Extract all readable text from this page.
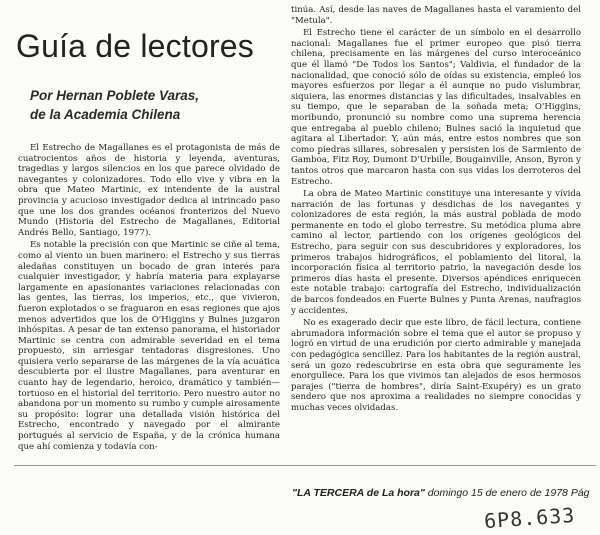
Guía de lectores
Por Hernan Poblete Varas,
de la Academia Chilena

El Estrecho de Magallanes es el protagonista de más de cuatrocientos años de historia y leyenda, aventuras, tragedias y largos silencios en los que parece olvidado de navegantes y colonizadores. Todo ello vive y vibra en la obra que Mateo Martinic, ex intendente de la austral provincia y acucioso investigador dedica al intrincado paso que une los dos grandes océanos fronterizos del Nuevo Mundo (Historia del Estrecho de Magallanes, Editorial Andrés Bello, Santiago, 1977).

Es notable la precisión con que Martinic se ciñe al tema, como al viento un buen marinero: el Estrecho y sus tierras aledañas constituyen un bocado de gran interés para cualquier investigador, y habría materia para explayarse largamente en apasionantes variaciones relacionadas con las gentes, las tierras, los imperios, etc., que vivieron, fueron explotados o se fraguaron en esas regiones que ajos menos advertidos que los de O'Higgins y Bulnes juzgaron inhóspitas. A pesar de tan extenso panorama, el historiador Martinic se centra con admirable severidad en el tema propuesto, sin arriesgar tentadoras disgresiones. Uno quisiera verlo separarse de las márgenes de la vía acuática descubierta por el ilustre Magallanes, para aventurar en cuanto hay de legendario, heroico, dramático y también— tortuoso en el historial del territorio. Pero nuestro autor no abandona por un momento su rumbo y cumple airosamente su propósito: lograr una detallada visión histórica del Estrecho, encontrado y navegado por el almirante portugués al servicio de España, y de la crónica humana que ahí comienza y todavía con-

tinúa. Así, desde las naves de Magallanes hasta el varamiento del "Metula".

El Estrecho tiene el carácter de un símbolo en el desarrollo nacional: Magallanes fue el primer europeo que pisó tierra chilena, precisamente en las márgenes del curso interoceánico que él llamó "De Todos los Santos"; Valdivia, el fundador de la nacionalidad, que conoció sólo de oídas su existencia, empleó los mayores esfuerzos por llegar a él aunque no pudo vislumbrar, siquiera, las enormes distancias y las dificultades, insalvables en su tiempo, que le separaban de la soñada meta; O'Higgins, moribundo, pronunció su nombre como una suprema herencia que entregaba al pueblo chileno; Bulnes sació la inquietud que agitara al Libertador. Y, aún más, entre estos nombres que son como piedras sillares, sobresalen y persisten los de Sarmiento de Gamboa, Fitz Roy, Dumont D'Urbille, Bougainville, Anson, Byron y tantos otros que marcaron hasta con sus vidas los derroteros del Estrecho.

La obra de Mateo Martinic constituye una interesante y vívida narración de las fortunas y desdichas de los navegantes y colonizadores de esta región, la más austral poblada de modo permanente en todo el globo terrestre. Su metódica pluma abre camino al lector, partiendo con los orígenes geológicos del Estrecho, para seguir con sus descubridores y exploradores, los primeros trabajos hidrográficos, el poblamiento del litoral, la incorporación física al territorio patrio, la navegación desde los primeros días hasta el presente. Diversos apéndices enriquecen este notable trabajo: cartografía del Estrecho, individualización de barcos fondeados en Fuerte Bulnes y Punta Arenas, naufragios y accidentes.

No es exagerado decir que este libro, de fácil lectura, contiene abrumadora información sobre el tema que el autor se propuso y logró en virtud de una erudición por cierto admirable y manejada con pedagógica sencillez. Para los habitantes de la región austral, será un gozo redescubrirse en esta obra que seguramente les enorgullece. Para los que vivimos tan alejados de esos hermosos parajes ("tierra de hombres", diría Saint-Exupéry) es un grato sendero que nos aproxima a realidades no siempre conocidas y muchas veces olvidadas.

"LA TERCERA de La hora" domingo 15 de enero de 1978 Pág
6P8.633
